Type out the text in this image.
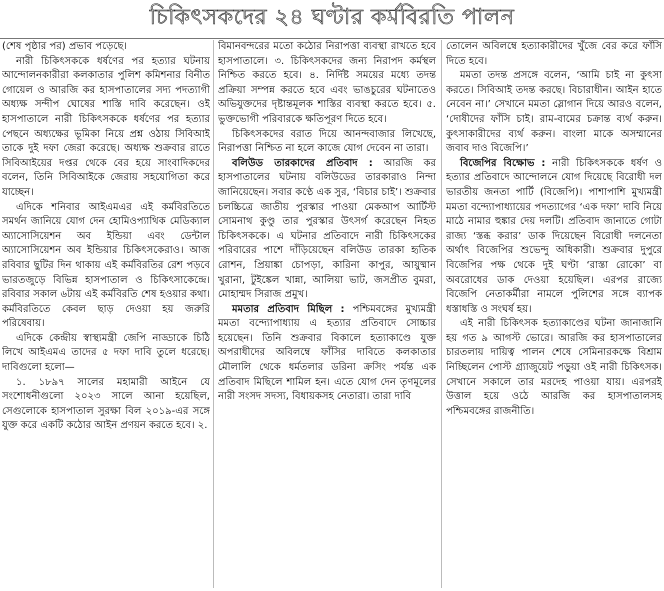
চিকিৎসকদের ২৪ ঘণ্টার কর্মবিরতি পালন

(শেষ পৃষ্ঠার পর) প্রভাব পড়েছে।

নারী চিকিৎসককে ধর্ষণের পর হত্যার ঘটনায় আন্দোলনকারীরা কলকাতার পুলিশ কমিশনার বিনীত গোয়েল ও আরজি কর হাসপাতালের সদ্য পদত্যাগী অধ্যক্ষ সন্দীপ ঘোষের শাস্তি দাবি করেছেন। ওই হাসপাতালে নারী চিকিৎসককে ধর্ষণের পর হত্যার পেছনে অধ্যক্ষের ভূমিকা নিয়ে প্রশ্ন ওঠায় সিবিআই তাকে দুই দফা জেরা করেছে। অধ্যক্ষ শুক্রবার রাতে সিবিআইয়ের দপ্তর থেকে বের হয়ে সাংবাদিকদের বলেন, তিনি সিবিআইকে জেরায় সহযোগিতা করে যাচ্ছেন।

এদিকে শনিবার আইএমএর এই কর্মবিরতিতে সমর্থন জানিয়ে যোগ দেন হোমিওপ্যাথিক মেডিক্যাল অ্যাসোসিয়েশন অব ইন্ডিয়া এবং ডেন্টাল অ্যাসোসিয়েশন অব ইন্ডিয়ার চিকিৎসকেরাও। আজ রবিবার ছুটির দিন থাকায় এই কর্মবিরতির রেশ পড়বে ভারতজুড়ে বিভিন্ন হাসপাতাল ও চিকিৎসাকেন্দ্রে। রবিবার সকাল ৬টায় এই কর্মবিরতি শেষ হওয়ার কথা। কর্মবিরতিতে কেবল ছাড় দেওয়া হয় জরুরি পরিষেবায়।

এদিকে কেন্দ্রীয় স্বাস্থ্যমন্ত্রী জেপি নাড্ডাকে চিঠি লিখে আইএমএ তাদের ৫ দফা দাবি তুলে ধরেছে। দাবিগুলো হলো—

১. ১৮৯৭ সালের মহামারী আইনে যে সংশোধনীগুলো ২০২৩ সালে আনা হয়েছিল, সেগুলোকে হাসপাতাল সুরক্ষা বিল ২০১৯-এর সঙ্গে যুক্ত করে একটি কঠোর আইন প্রণয়ন করতে হবে। ২.

বিমানবন্দরের মতো কঠোর নিরাপত্তা ব্যবস্থা রাখতে হবে হাসপাতালে। ৩. চিকিৎসকদের জন্য নিরাপদ কর্মস্থল নিশ্চিত করতে হবে। ৪. নির্দিষ্ট সময়ের মধ্যে তদন্ত প্রক্রিয়া সম্পন্ন করতে হবে এবং ভাঙচুরের ঘটনাতেও অভিযুক্তদের দৃষ্টান্তমূলক শাস্তির ব্যবস্থা করতে হবে। ৫. ভুক্তভোগী পরিবারকে ক্ষতিপূরণ দিতে হবে।

চিকিৎসকদের বরাত দিয়ে আনন্দবাজার লিখেছে, নিরাপত্তা নিশ্চিত না হলে কাজে যোগ দেবেন না তারা।

বলিউড তারকাদের প্রতিবাদ : আরজি কর হাসপাতালের ঘটনায় বলিউডের তারকারাও নিন্দা জানিয়েছেন। সবার কণ্ঠে এক সুর, ‘বিচার চাই’। শুক্রবার চলচ্চিত্রে জাতীয় পুরস্কার পাওয়া মেকআপ আর্টিস্ট সোমনাথ কুণ্ডু তার পুরস্কার উৎসর্গ করেছেন নিহত চিকিৎসককে। এ ঘটনার প্রতিবাদে নারী চিকিৎসকের পরিবারের পাশে দাঁড়িয়েছেন বলিউড তারকা হৃতিক রোশন, প্রিয়াঙ্কা চোপড়া, কারিনা কাপুর, আয়ুষ্মান খুরানা, টুইঙ্কেল খান্না, আলিয়া ভাট, জসপ্রীত বুমরা, মোহাম্মদ সিরাজ প্রমুখ।

মমতার প্রতিবাদ মিছিল : পশ্চিমবঙ্গের মুখ্যমন্ত্রী মমতা বন্দ্যোপাধ্যায় এ হত্যার প্রতিবাদে সোচ্চার হয়েছেন। তিনি শুক্রবার বিকালে হত্যাকাণ্ডে যুক্ত অপরাধীদের অবিলম্বে ফাঁসির দাবিতে কলকাতার মৌলালি থেকে ধর্মতলার ডরিনা ক্রসিং পর্যন্ত এক প্রতিবাদ মিছিলে শামিল হন। এতে যোগ দেন তৃণমূলের নারী সংসদ সদস্য, বিধায়কসহ নেতারা। তারা দাবি

তোলেন অবিলম্বে হত্যাকারীদের খুঁজে বের করে ফাঁসি দিতে হবে।

মমতা তদন্ত প্রসঙ্গে বলেন, ‘আমি চাই না কুৎসা করতে। সিবিআই তদন্ত করছে। বিচারাধীন। আইন হাতে নেবেন না।’ সেখানে মমতা স্লোগান দিয়ে আরও বলেন, ‘দোষীদের ফাঁসি চাই। রাম-বামের চক্রান্ত ব্যর্থ করুন। কুৎসাকারীদের ব্যর্থ করুন। বাংলা মাকে অসম্মানের জবাব দাও বিজেপি।’

বিজেপির বিক্ষোভ : নারী চিকিৎসককে ধর্ষণ ও হত্যার প্রতিবাদে আন্দোলনে যোগ দিয়েছে বিরোধী দল ভারতীয় জনতা পার্টি (বিজেপি)। পাশাপাশি মুখ্যমন্ত্রী মমতা বন্দ্যোপাধ্যায়ের পদত্যাগের ‘এক দফা’ দাবি নিয়ে মাঠে নামার হুঙ্কার দেয় দলটি। প্রতিবাদ জানাতে গোটা রাজ্য ‘স্তব্ধ করার’ ডাক দিয়েছেন বিরোধী দলনেতা অর্থাৎ বিজেপির শুভেন্দু অধিকারী। শুক্রবার দুপুরে বিজেপির পক্ষ থেকে দুই ঘণ্টা ‘রাস্তা রোকো’ বা অবরোধের ডাক দেওয়া হয়েছিল। এরপর রাজ্যে বিজেপি নেতাকর্মীরা নামলে পুলিশের সঙ্গে ব্যাপক ধস্তাধস্তি ও সংঘর্ষ হয়।

এই নারী চিকিৎসক হত্যাকাণ্ডের ঘটনা জানাজানি হয় গত ৯ আগস্ট ভোরে। আরজি কর হাসপাতালের চারতলায় দায়িত্ব পালন শেষে সেমিনারকক্ষে বিশ্রাম নিচ্ছিলেন পোস্ট গ্র্যাজুয়েট পড়ুয়া ওই নারী চিকিৎসক। সেখানে সকালে তার মরদেহ পাওয়া যায়। এরপরই উত্তাল হয়ে ওঠে আরজি কর হাসপাতালসহ পশ্চিমবঙ্গের রাজনীতি।
